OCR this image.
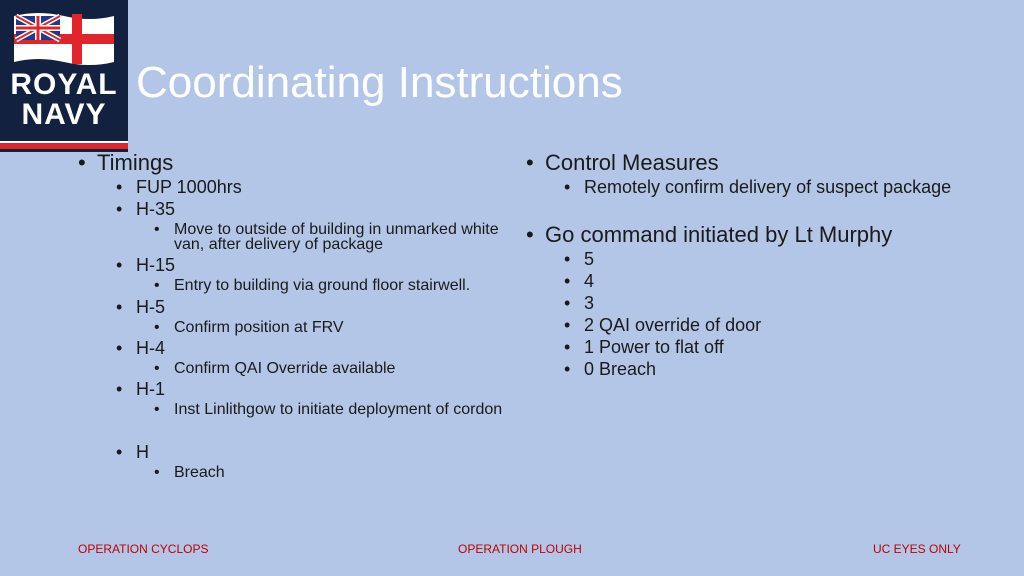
ROYAL
NAVY
Coordinating Instructions
• Timings
• FUP 1000hrs
• H-35
• Move to outside of building in unmarked white van, after delivery of package
• H-15
• Entry to building via ground floor stairwell.
• H-5
• Confirm position at FRV
• H-4
• Confirm QAI Override available
• H-1
• Inst Linlithgow to initiate deployment of cordon
• H
• Breach
• Control Measures
• Remotely confirm delivery of suspect package
• Go command initiated by Lt Murphy
• 5
• 4
• 3
• 2 QAI override of door
• 1 Power to flat off
• 0 Breach
OPERATION CYCLOPS	OPERATION PLOUGH	UC EYES ONLY
